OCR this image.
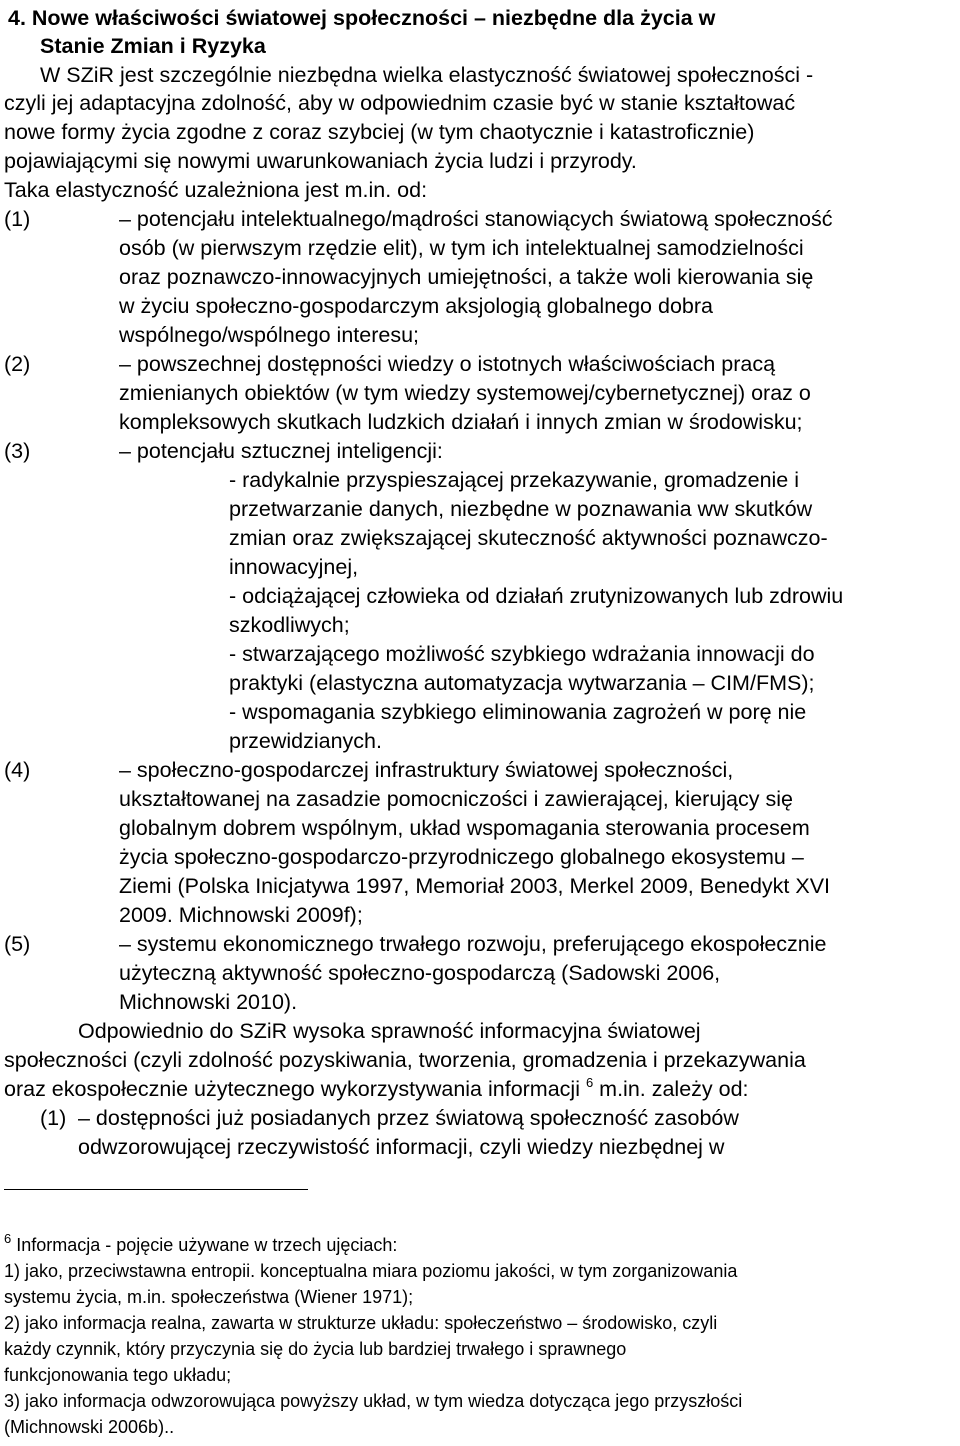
4. Nowe właściwości światowej społeczności – niezbędne dla życia w
Stanie Zmian i Ryzyka
W SZiR jest szczególnie niezbędna wielka elastyczność światowej społeczności -
czyli jej adaptacyjna zdolność, aby w odpowiednim czasie być w stanie kształtować
nowe formy życia zgodne z coraz szybciej (w tym chaotycznie i katastroficznie)
pojawiającymi się nowymi uwarunkowaniach życia ludzi i przyrody.
Taka elastyczność uzależniona jest m.in. od:
(1)	– potencjału intelektualnego/mądrości stanowiących światową społeczność
osób (w pierwszym rzędzie elit), w tym ich intelektualnej samodzielności
oraz poznawczo-innowacyjnych umiejętności, a także woli kierowania się
w życiu społeczno-gospodarczym aksjologią globalnego dobra
wspólnego/wspólnego interesu;
(2)	– powszechnej dostępności wiedzy o istotnych właściwościach pracą
zmienianych obiektów (w tym wiedzy systemowej/cybernetycznej) oraz o
kompleksowych skutkach ludzkich działań i innych zmian w środowisku;
(3)	– potencjału sztucznej inteligencji:
- radykalnie przyspieszającej przekazywanie, gromadzenie i
przetwarzanie danych, niezbędne w poznawania ww skutków
zmian oraz zwiększającej skuteczność aktywności poznawczo-
innowacyjnej,
- odciążającej człowieka od działań zrutynizowanych lub zdrowiu
szkodliwych;
- stwarzającego możliwość szybkiego wdrażania innowacji do
praktyki (elastyczna automatyzacja wytwarzania – CIM/FMS);
- wspomagania szybkiego eliminowania zagrożeń w porę nie
przewidzianych.
(4)	– społeczno-gospodarczej infrastruktury światowej społeczności,
ukształtowanej na zasadzie pomocniczości i zawierającej, kierujący się
globalnym dobrem wspólnym, układ wspomagania sterowania procesem
życia społeczno-gospodarczo-przyrodniczego globalnego ekosystemu –
Ziemi (Polska Inicjatywa 1997, Memoriał 2003, Merkel 2009, Benedykt XVI
2009. Michnowski 2009f);
(5)	– systemu ekonomicznego trwałego rozwoju, preferującego ekospołecznie
użyteczną aktywność społeczno-gospodarczą (Sadowski 2006,
Michnowski 2010).
Odpowiednio do SZiR wysoka sprawność informacyjna światowej
społeczności (czyli zdolność pozyskiwania, tworzenia, gromadzenia i przekazywania
oraz ekospołecznie użytecznego wykorzystywania informacji $^6$ m.in. zależy od:
(1) – dostępności już posiadanych przez światową społeczność zasobów
odwzorowującej rzeczywistość informacji, czyli wiedzy niezbędnej w
$^6$ Informacja - pojęcie używane w trzech ujęciach:
1) jako, przeciwstawna entropii. konceptualna miara poziomu jakości, w tym zorganizowania
systemu życia, m.in. społeczeństwa (Wiener 1971);
2) jako informacja realna, zawarta w strukturze układu: społeczeństwo – środowisko, czyli
każdy czynnik, który przyczynia się do życia lub bardziej trwałego i sprawnego
funkcjonowania tego układu;
3) jako informacja odwzorowująca powyższy układ, w tym wiedza dotycząca jego przyszłości
(Michnowski 2006b)..
